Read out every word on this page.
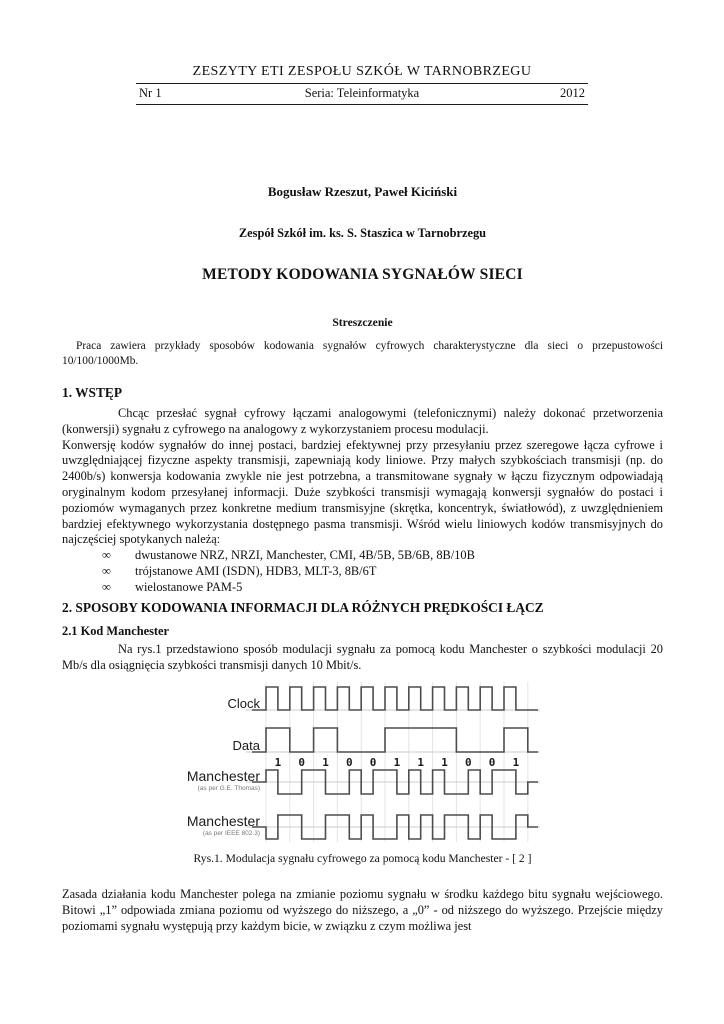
ZESZYTY ETI ZESPOŁU SZKÓŁ W TARNOBRZEGU
Nr 1	Seria: Teleinformatyka	2012
Bogusław Rzeszut, Paweł Kiciński
Zespół Szkół im. ks. S. Staszica w Tarnobrzegu
METODY KODOWANIA SYGNAŁÓW SIECI
Streszczenie
Praca zawiera przykłady sposobów kodowania sygnałów cyfrowych charakterystyczne dla sieci o przepustowości 10/100/1000Mb.
1. WSTĘP

Chcąc przesłać sygnał cyfrowy łączami analogowymi (telefonicznymi) należy dokonać przetworzenia (konwersji) sygnału z cyfrowego na analogowy z wykorzystaniem procesu modulacji.

Konwersję kodów sygnałów do innej postaci, bardziej efektywnej przy przesyłaniu przez szeregowe łącza cyfrowe i uwzględniającej fizyczne aspekty transmisji, zapewniają kody liniowe. Przy małych szybkościach transmisji (np. do 2400b/s) konwersja kodowania zwykle nie jest potrzebna, a transmitowane sygnały w łączu fizycznym odpowiadają oryginalnym kodom przesyłanej informacji. Duże szybkości transmisji wymagają konwersji sygnałów do postaci i poziomów wymaganych przez konkretne medium transmisyjne (skrętka, koncentryk, światłowód), z uwzględnieniem bardziej efektywnego wykorzystania dostępnego pasma transmisji. Wśród wielu liniowych kodów transmisyjnych do najczęściej spotykanych należą:

∞	dwustanowe NRZ, NRZI, Manchester, CMI, 4B/5B, 5B/6B, 8B/10B
∞	trójstanowe AMI (ISDN), HDB3, MLT-3, 8B/6T
∞	wielostanowe PAM-5
2. SPOSOBY KODOWANIA INFORMACJI DLA RÓŻNYCH PRĘDKOŚCI ŁĄCZ
2.1 Kod Manchester
Na rys.1 przedstawiono sposób modulacji sygnału za pomocą kodu Manchester o szybkości modulacji 20 Mb/s dla osiągnięcia szybkości transmisji danych 10 Mbit/s.
Clock
Data
Manchester
(as per G.E. Thomas)
Manchester
(as per IEEE 802.3)
1 0 1 0 0 1 1 1 0 0 1
Rys.1. Modulacja sygnału cyfrowego za pomocą kodu Manchester - [ 2 ]
Zasada działania kodu Manchester polega na zmianie poziomu sygnału w środku każdego bitu sygnału wejściowego. Bitowi „1” odpowiada zmiana poziomu od wyższego do niższego, a „0” - od niższego do wyższego. Przejście między poziomami sygnału występują przy każdym bicie, w związku z czym możliwa jest
